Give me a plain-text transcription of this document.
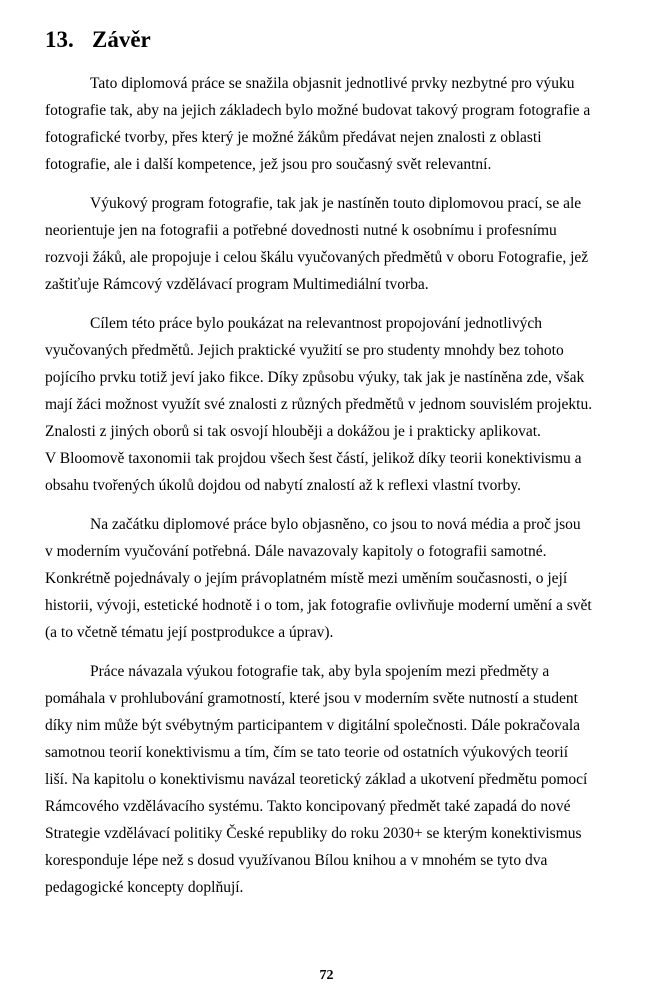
13. Závěr
Tato diplomová práce se snažila objasnit jednotlivé prvky nezbytné pro výuku
fotografie tak, aby na jejich základech bylo možné budovat takový program fotografie a
fotografické tvorby, přes který je možné žákům předávat nejen znalosti z oblasti
fotografie, ale i další kompetence, jež jsou pro současný svět relevantní.
Výukový program fotografie, tak jak je nastíněn touto diplomovou prací, se ale
neorientuje jen na fotografii a potřebné dovednosti nutné k osobnímu i profesnímu
rozvoji žáků, ale propojuje i celou škálu vyučovaných předmětů v oboru Fotografie, jež
zaštiťuje Rámcový vzdělávací program Multimediální tvorba.
Cílem této práce bylo poukázat na relevantnost propojování jednotlivých
vyučovaných předmětů. Jejich praktické využití se pro studenty mnohdy bez tohoto
pojícího prvku totiž jeví jako fikce. Díky způsobu výuky, tak jak je nastíněna zde, však
mají žáci možnost využít své znalosti z různých předmětů v jednom souvislém projektu.
Znalosti z jiných oborů si tak osvojí hlouběji a dokážou je i prakticky aplikovat.
V Bloomově taxonomii tak projdou všech šest částí, jelikož díky teorii konektivismu a
obsahu tvořených úkolů dojdou od nabytí znalostí až k reflexi vlastní tvorby.
Na začátku diplomové práce bylo objasněno, co jsou to nová média a proč jsou
v moderním vyučování potřebná. Dále navazovaly kapitoly o fotografii samotné.
Konkrétně pojednávaly o jejím právoplatném místě mezi uměním současnosti, o její
historii, vývoji, estetické hodnotě i o tom, jak fotografie ovlivňuje moderní umění a svět
(a to včetně tématu její postprodukce a úprav).
Práce návazala výukou fotografie tak, aby byla spojením mezi předměty a
pomáhala v prohlubování gramotností, které jsou v moderním světe nutností a student
díky nim může být svébytným participantem v digitální společnosti. Dále pokračovala
samotnou teorií konektivismu a tím, čím se tato teorie od ostatních výukových teorií
liší. Na kapitolu o konektivismu navázal teoretický základ a ukotvení předmětu pomocí
Rámcového vzdělávacího systému. Takto koncipovaný předmět také zapadá do nové
Strategie vzdělávací politiky České republiky do roku 2030+ se kterým konektivismus
koresponduje lépe než s dosud využívanou Bílou knihou a v mnohém se tyto dva
pedagogické koncepty doplňují.
72
